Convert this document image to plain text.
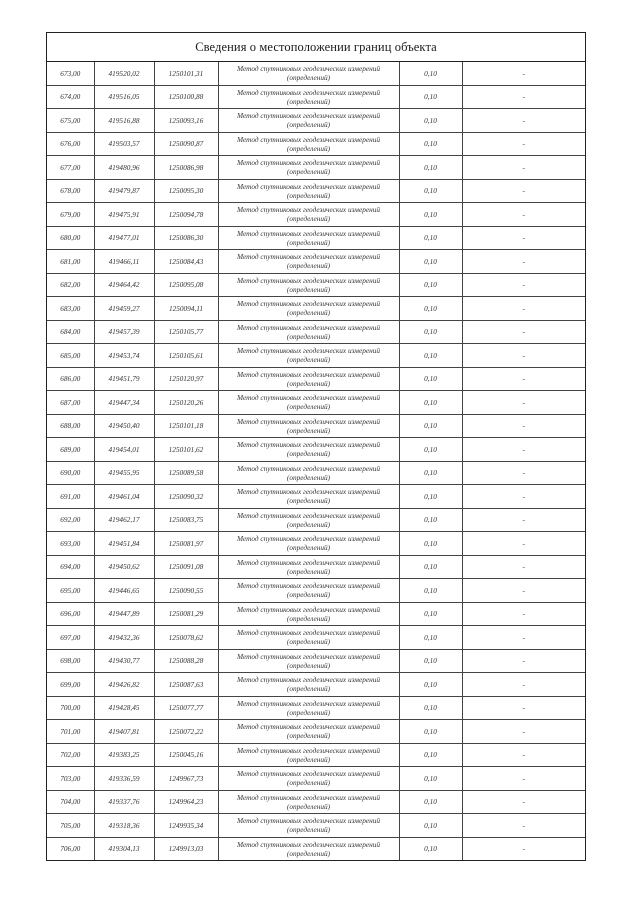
Сведения о местоположении границ объекта
673,00	419520,02	1250101,31	Метод спутниковых геодезических измерений
(определений)	0,10	-
674,00	419516,05	1250100,88	Метод спутниковых геодезических измерений
(определений)	0,10	-
675,00	419516,88	1250093,16	Метод спутниковых геодезических измерений
(определений)	0,10	-
676,00	419503,57	1250090,87	Метод спутниковых геодезических измерений
(определений)	0,10	-
677,00	419480,96	1250086,98	Метод спутниковых геодезических измерений
(определений)	0,10	-
678,00	419479,87	1250095,30	Метод спутниковых геодезических измерений
(определений)	0,10	-
679,00	419475,91	1250094,78	Метод спутниковых геодезических измерений
(определений)	0,10	-
680,00	419477,01	1250086,30	Метод спутниковых геодезических измерений
(определений)	0,10	-
681,00	419466,11	1250084,43	Метод спутниковых геодезических измерений
(определений)	0,10	-
682,00	419464,42	1250095,08	Метод спутниковых геодезических измерений
(определений)	0,10	-
683,00	419459,27	1250094,11	Метод спутниковых геодезических измерений
(определений)	0,10	-
684,00	419457,39	1250105,77	Метод спутниковых геодезических измерений
(определений)	0,10	-
685,00	419453,74	1250105,61	Метод спутниковых геодезических измерений
(определений)	0,10	-
686,00	419451,79	1250120,97	Метод спутниковых геодезических измерений
(определений)	0,10	-
687,00	419447,34	1250120,26	Метод спутниковых геодезических измерений
(определений)	0,10	-
688,00	419450,40	1250101,18	Метод спутниковых геодезических измерений
(определений)	0,10	-
689,00	419454,01	1250101,62	Метод спутниковых геодезических измерений
(определений)	0,10	-
690,00	419455,95	1250089,58	Метод спутниковых геодезических измерений
(определений)	0,10	-
691,00	419461,04	1250090,32	Метод спутниковых геодезических измерений
(определений)	0,10	-
692,00	419462,17	1250083,75	Метод спутниковых геодезических измерений
(определений)	0,10	-
693,00	419451,84	1250081,97	Метод спутниковых геодезических измерений
(определений)	0,10	-
694,00	419450,62	1250091,08	Метод спутниковых геодезических измерений
(определений)	0,10	-
695,00	419446,65	1250090,55	Метод спутниковых геодезических измерений
(определений)	0,10	-
696,00	419447,89	1250081,29	Метод спутниковых геодезических измерений
(определений)	0,10	-
697,00	419432,36	1250078,62	Метод спутниковых геодезических измерений
(определений)	0,10	-
698,00	419430,77	1250088,28	Метод спутниковых геодезических измерений
(определений)	0,10	-
699,00	419426,82	1250087,63	Метод спутниковых геодезических измерений
(определений)	0,10	-
700,00	419428,45	1250077,77	Метод спутниковых геодезических измерений
(определений)	0,10	-
701,00	419407,81	1250072,22	Метод спутниковых геодезических измерений
(определений)	0,10	-
702,00	419383,25	1250045,16	Метод спутниковых геодезических измерений
(определений)	0,10	-
703,00	419336,59	1249967,73	Метод спутниковых геодезических измерений
(определений)	0,10	-
704,00	419337,76	1249964,23	Метод спутниковых геодезических измерений
(определений)	0,10	-
705,00	419318,36	1249935,34	Метод спутниковых геодезических измерений
(определений)	0,10	-
706,00	419304,13	1249913,03	Метод спутниковых геодезических измерений
(определений)	0,10	-
